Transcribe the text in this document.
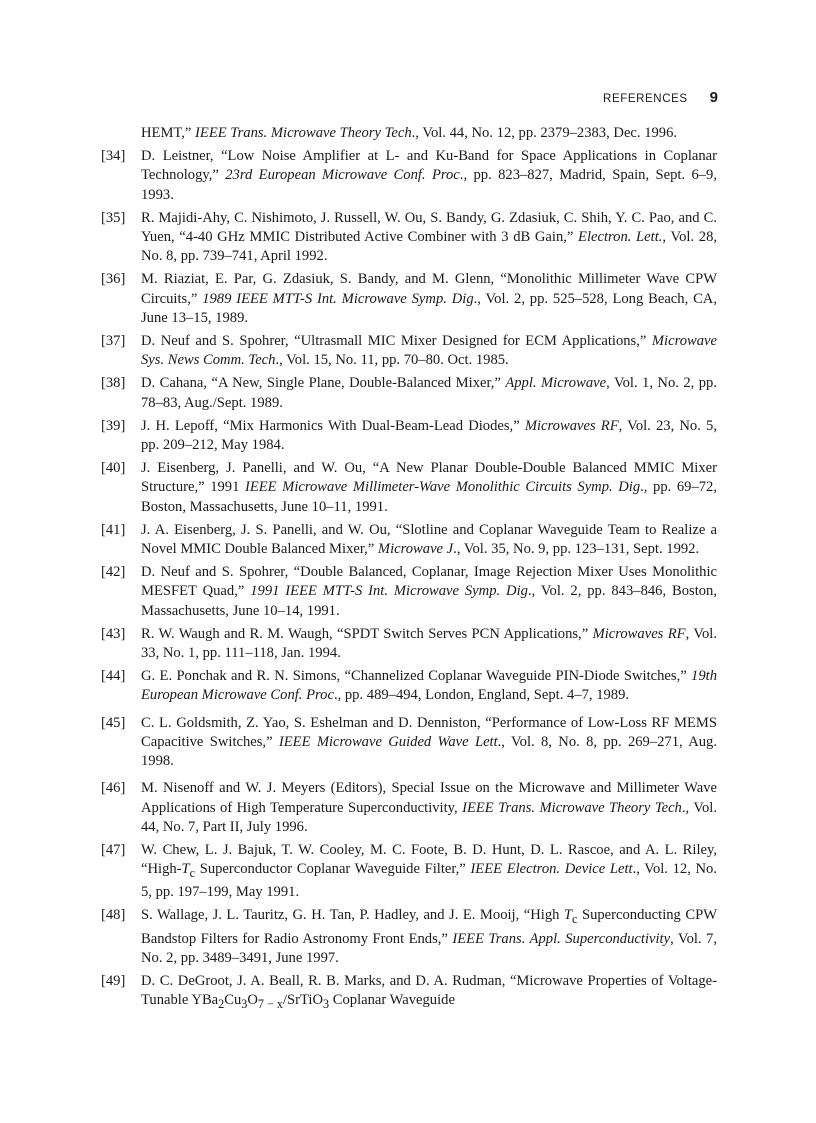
REFERENCES 9
HEMT,” IEEE Trans. Microwave Theory Tech., Vol. 44, No. 12, pp. 2379–2383, Dec. 1996.
[34] D. Leistner, “Low Noise Amplifier at L- and Ku-Band for Space Applications in Coplanar Technology,” 23rd European Microwave Conf. Proc., pp. 823–827, Madrid, Spain, Sept. 6–9, 1993.
[35] R. Majidi-Ahy, C. Nishimoto, J. Russell, W. Ou, S. Bandy, G. Zdasiuk, C. Shih, Y. C. Pao, and C. Yuen, “4-40 GHz MMIC Distributed Active Combiner with 3 dB Gain,” Electron. Lett., Vol. 28, No. 8, pp. 739–741, April 1992.
[36] M. Riaziat, E. Par, G. Zdasiuk, S. Bandy, and M. Glenn, “Monolithic Millimeter Wave CPW Circuits,” 1989 IEEE MTT-S Int. Microwave Symp. Dig., Vol. 2, pp. 525–528, Long Beach, CA, June 13–15, 1989.
[37] D. Neuf and S. Spohrer, “Ultrasmall MIC Mixer Designed for ECM Applications,” Microwave Sys. News Comm. Tech., Vol. 15, No. 11, pp. 70–80. Oct. 1985.
[38] D. Cahana, “A New, Single Plane, Double-Balanced Mixer,” Appl. Microwave, Vol. 1, No. 2, pp. 78–83, Aug./Sept. 1989.
[39] J. H. Lepoff, “Mix Harmonics With Dual-Beam-Lead Diodes,” Microwaves RF, Vol. 23, No. 5, pp. 209–212, May 1984.
[40] J. Eisenberg, J. Panelli, and W. Ou, “A New Planar Double-Double Balanced MMIC Mixer Structure,” 1991 IEEE Microwave Millimeter-Wave Monolithic Circuits Symp. Dig., pp. 69–72, Boston, Massachusetts, June 10–11, 1991.
[41] J. A. Eisenberg, J. S. Panelli, and W. Ou, “Slotline and Coplanar Waveguide Team to Realize a Novel MMIC Double Balanced Mixer,” Microwave J., Vol. 35, No. 9, pp. 123–131, Sept. 1992.
[42] D. Neuf and S. Spohrer, “Double Balanced, Coplanar, Image Rejection Mixer Uses Monolithic MESFET Quad,” 1991 IEEE MTT-S Int. Microwave Symp. Dig., Vol. 2, pp. 843–846, Boston, Massachusetts, June 10–14, 1991.
[43] R. W. Waugh and R. M. Waugh, “SPDT Switch Serves PCN Applications,” Microwaves RF, Vol. 33, No. 1, pp. 111–118, Jan. 1994.
[44] G. E. Ponchak and R. N. Simons, “Channelized Coplanar Waveguide PIN-Diode Switches,” 19th European Microwave Conf. Proc., pp. 489–494, London, England, Sept. 4–7, 1989.
[45] C. L. Goldsmith, Z. Yao, S. Eshelman and D. Denniston, “Performance of Low-Loss RF MEMS Capacitive Switches,” IEEE Microwave Guided Wave Lett., Vol. 8, No. 8, pp. 269–271, Aug. 1998.
[46] M. Nisenoff and W. J. Meyers (Editors), Special Issue on the Microwave and Millimeter Wave Applications of High Temperature Superconductivity, IEEE Trans. Microwave Theory Tech., Vol. 44, No. 7, Part II, July 1996.
[47] W. Chew, L. J. Bajuk, T. W. Cooley, M. C. Foote, B. D. Hunt, D. L. Rascoe, and A. L. Riley, “$High-T_c$ Superconductor Coplanar Waveguide Filter,” IEEE Electron. Device Lett., Vol. 12, No. 5, pp. 197–199, May 1991.
[48] S. Wallage, J. L. Tauritz, G. H. Tan, P. Hadley, and J. E. Mooij, “High $T_c$ Superconducting CPW Bandstop Filters for Radio Astronomy Front Ends,” IEEE Trans. Appl. Superconductivity, Vol. 7, No. 2, pp. 3489–3491, June 1997.
[49] D. C. DeGroot, J. A. Beall, R. B. Marks, and D. A. Rudman, “Microwave Properties of Voltage-Tunable $YBa_2Cu_3O_{7 - x}/SrTiO_3$ Coplanar Waveguide
